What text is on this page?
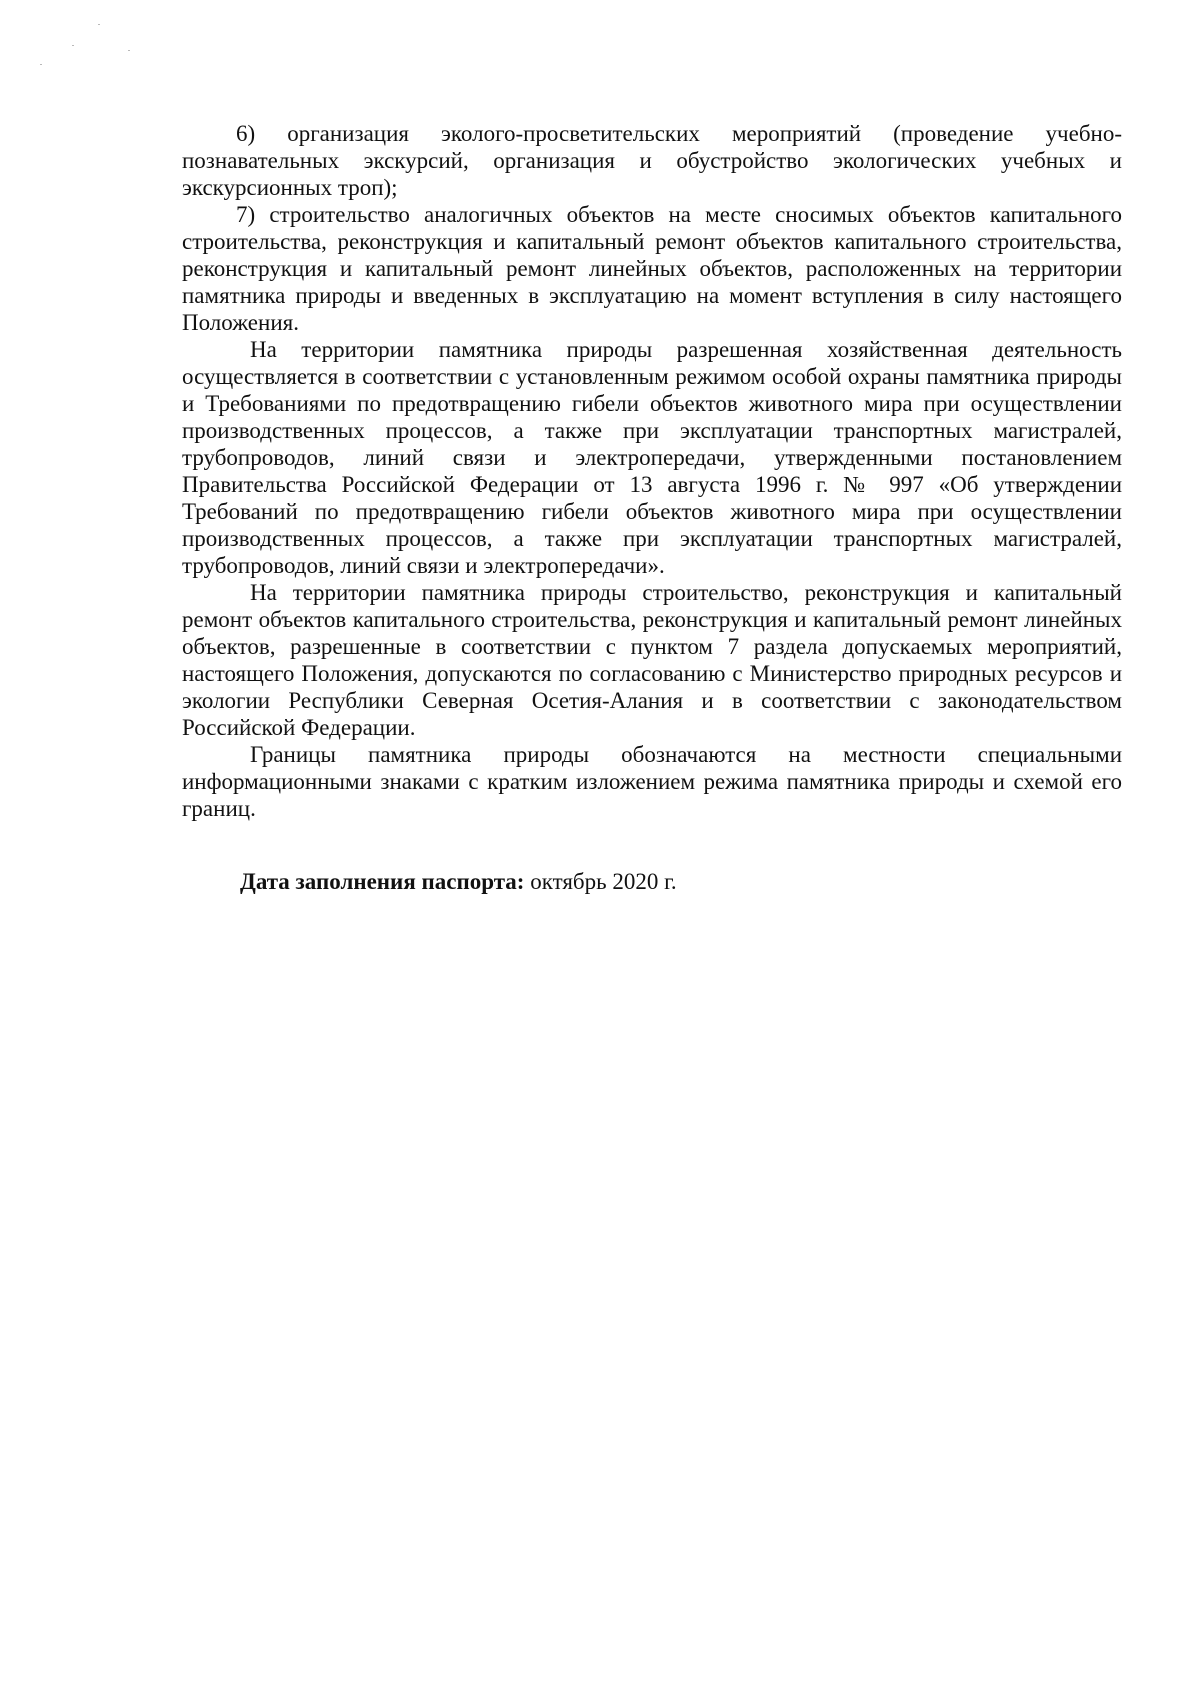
6) организация эколого-просветительских мероприятий (проведение учебно-познавательных экскурсий, организация и обустройство экологических учебных и экскурсионных троп);

7) строительство аналогичных объектов на месте сносимых объектов капитального строительства, реконструкция и капитальный ремонт объектов капитального строительства, реконструкция и капитальный ремонт линейных объектов, расположенных на территории памятника природы и введенных в эксплуатацию на момент вступления в силу настоящего Положения.

На территории памятника природы разрешенная хозяйственная деятельность осуществляется в соответствии с установленным режимом особой охраны памятника природы и Требованиями по предотвращению гибели объектов животного мира при осуществлении производственных процессов, а также при эксплуатации транспортных магистралей, трубопроводов, линий связи и электропередачи, утвержденными постановлением Правительства Российской Федерации от 13 августа 1996 г. № 997 «Об утверждении Требований по предотвращению гибели объектов животного мира при осуществлении производственных процессов, а также при эксплуатации транспортных магистралей, трубопроводов, линий связи и электропередачи».

На территории памятника природы строительство, реконструкция и капитальный ремонт объектов капитального строительства, реконструкция и капитальный ремонт линейных объектов, разрешенные в соответствии с пунктом 7 раздела допускаемых мероприятий, настоящего Положения, допускаются по согласованию с Министерство природных ресурсов и экологии Республики Северная Осетия-Алания и в соответствии с законодательством Российской Федерации.

Границы памятника природы обозначаются на местности специальными информационными знаками с кратким изложением режима памятника природы и схемой его границ.

Дата заполнения паспорта: октябрь 2020 г.
